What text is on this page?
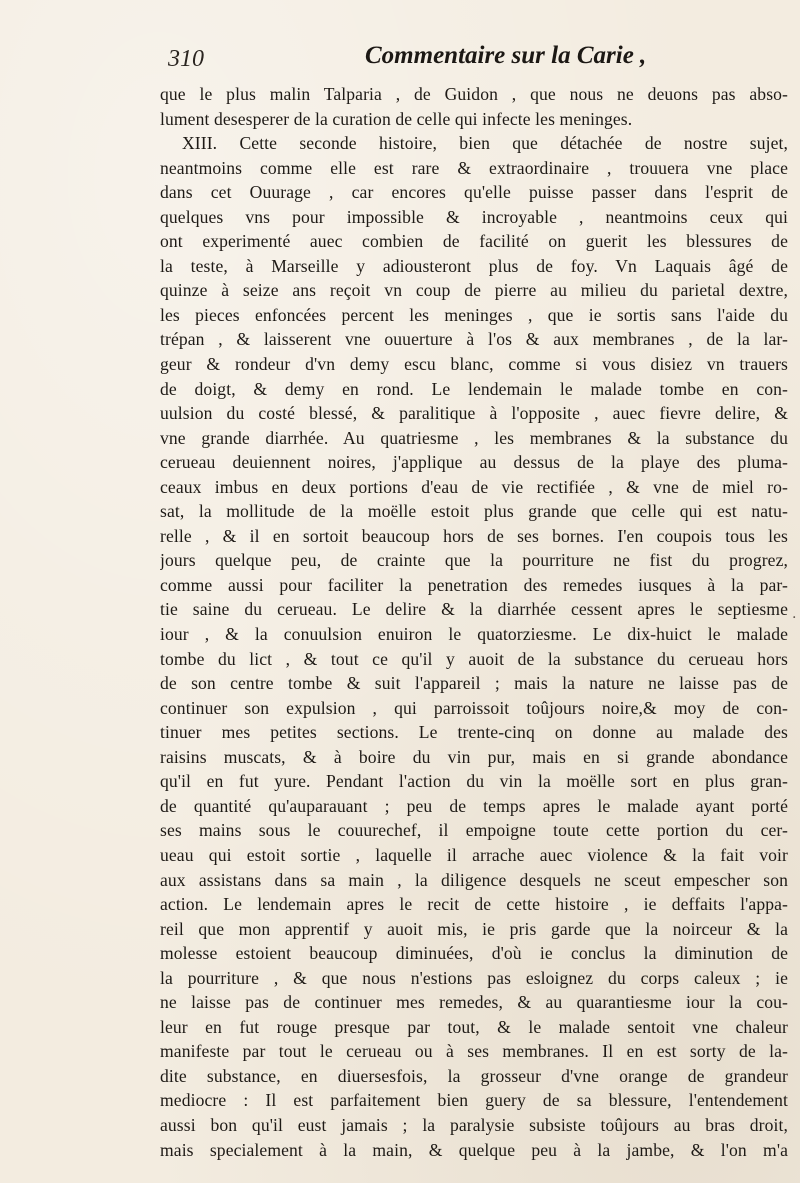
310	Commentaire sur la Carie ,
que le plus malin Talparia , de Guidon , que nous ne deuons pas abso-
lument desesperer de la curation de celle qui infecte les meninges.
XIII. Cette seconde histoire, bien que détachée de nostre sujet,
neantmoins comme elle est rare & extraordinaire , trouuera vne place
dans cet Ouurage , car encores qu'elle puisse passer dans l'esprit de
quelques vns pour impossible & incroyable , neantmoins ceux qui
ont experimenté auec combien de facilité on guerit les blessures de
la teste, à Marseille y adiousteront plus de foy. Vn Laquais âgé de
quinze à seize ans reçoit vn coup de pierre au milieu du parietal dextre,
les pieces enfoncées percent les meninges , que ie sortis sans l'aide du
trépan , & laisserent vne ouuerture à l'os & aux membranes , de la lar-
geur & rondeur d'vn demy escu blanc, comme si vous disiez vn trauers
de doigt, & demy en rond. Le lendemain le malade tombe en con-
uulsion du costé blessé, & paralitique à l'opposite , auec fievre delire, &
vne grande diarrhée. Au quatriesme , les membranes & la substance du
cerueau deuiennent noires, j'applique au dessus de la playe des pluma-
ceaux imbus en deux portions d'eau de vie rectifiée , & vne de miel ro-
sat, la mollitude de la moëlle estoit plus grande que celle qui est natu-
relle , & il en sortoit beaucoup hors de ses bornes. I'en coupois tous les
jours quelque peu, de crainte que la pourriture ne fist du progrez,
comme aussi pour faciliter la penetration des remedes iusques à la par-
tie saine du cerueau. Le delire & la diarrhée cessent apres le septiesme
iour , & la conuulsion enuiron le quatorziesme. Le dix-huict le malade
tombe du lict , & tout ce qu'il y auoit de la substance du cerueau hors
de son centre tombe & suit l'appareil ; mais la nature ne laisse pas de
continuer son expulsion , qui parroissoit toûjours noire,& moy de con-
tinuer mes petites sections. Le trente-cinq on donne au malade des
raisins muscats, & à boire du vin pur, mais en si grande abondance
qu'il en fut yure. Pendant l'action du vin la moëlle sort en plus gran-
de quantité qu'auparauant ; peu de temps apres le malade ayant porté
ses mains sous le couurechef, il empoigne toute cette portion du cer-
ueau qui estoit sortie , laquelle il arrache auec violence & la fait voir
aux assistans dans sa main , la diligence desquels ne sceut empescher son
action. Le lendemain apres le recit de cette histoire , ie deffaits l'appa-
reil que mon apprentif y auoit mis, ie pris garde que la noirceur & la
molesse estoient beaucoup diminuées, d'où ie conclus la diminution de
la pourriture , & que nous n'estions pas esloignez du corps caleux ; ie
ne laisse pas de continuer mes remedes, & au quarantiesme iour la cou-
leur en fut rouge presque par tout, & le malade sentoit vne chaleur
manifeste par tout le cerueau ou à ses membranes. Il en est sorty de la-
dite substance, en diuersesfois, la grosseur d'vne orange de grandeur
mediocre : Il est parfaitement bien guery de sa blessure, l'entendement
aussi bon qu'il eust jamais ; la paralysie subsiste toûjours au bras droit,
mais specialement à la main, & quelque peu à la jambe, & l'on m'a
.
